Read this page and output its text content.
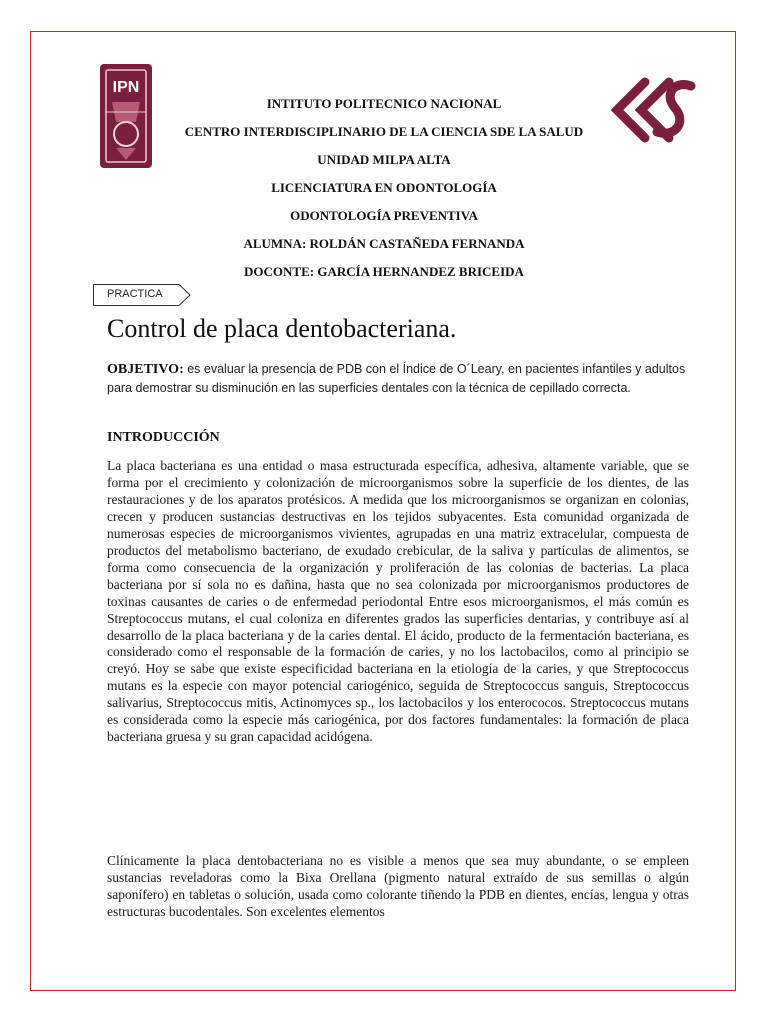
IPN
CICS
INTITUTO POLITECNICO NACIONAL
CENTRO INTERDISCIPLINARIO DE LA CIENCIA SDE LA SALUD
UNIDAD MILPA ALTA
LICENCIATURA EN ODONTOLOGÍA
ODONTOLOGÍA PREVENTIVA
ALUMNA: ROLDÁN CASTAÑEDA FERNANDA
DOCONTE: GARCÍA HERNANDEZ BRICEIDA
PRACTICA
Control de placa dentobacteriana.
OBJETIVO: es evaluar la presencia de PDB con el Índice de O´Leary, en pacientes infantiles y adultos para demostrar su disminución en las superficies dentales con la técnica de cepillado correcta.
INTRODUCCIÓN
La placa bacteriana es una entidad o masa estructurada específica, adhesiva, altamente variable, que se forma por el crecimiento y colonización de microorganismos sobre la superficie de los dientes, de las restauraciones y de los aparatos protésicos. A medida que los microorganismos se organizan en colonias, crecen y producen sustancias destructivas en los tejidos subyacentes. Esta comunidad organizada de numerosas especies de microorganismos vivientes, agrupadas en una matriz extracelular, compuesta de productos del metabolismo bacteriano, de exudado crebicular, de la saliva y partículas de alimentos, se forma como consecuencia de la organización y proliferación de las colonias de bacterias. La placa bacteriana por sí sola no es dañina, hasta que no sea colonizada por microorganismos productores de toxinas causantes de caries o de enfermedad periodontal Entre esos microorganismos, el más común es Streptococcus mutans, el cual coloniza en diferentes grados las superficies dentarias, y contribuye así al desarrollo de la placa bacteriana y de la caries dental. El ácido, producto de la fermentación bacteriana, es considerado como el responsable de la formación de caries, y no los lactobacilos, como al principio se creyó. Hoy se sabe que existe especificidad bacteriana en la etiología de la caries, y que Streptococcus mutans es la especie con mayor potencial cariogénico, seguida de Streptococcus sanguis, Streptococcus salivarius, Streptococcus mitis, Actinomyces sp., los lactobacilos y los enterococos. Streptococcus mutans es considerada como la especie más cariogénica, por dos factores fundamentales: la formación de placa bacteriana gruesa y su gran capacidad acidógena.
Clínicamente la placa dentobacteriana no es visible a menos que sea muy abundante, o se empleen sustancias reveladoras como la Bixa Orellana (pigmento natural extraído de sus semillas o algún saponífero) en tabletas o solución, usada como colorante tiñendo la PDB en dientes, encías, lengua y otras estructuras bucodentales. Son excelentes elementos
